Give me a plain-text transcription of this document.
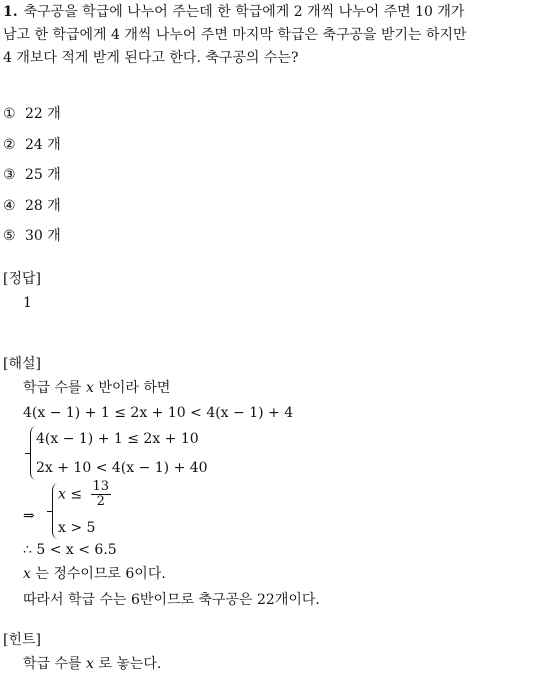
1. 축구공을 학급에 나누어 주는데 한 학급에게 2 개씩 나누어 주면 10 개가
남고 한 학급에게 4 개씩 나누어 주면 마지막 학급은 축구공을 받기는 하지만
4 개보다 적게 받게 된다고 한다. 축구공의 수는?
① 22 개
② 24 개
③ 25 개
④ 28 개
⑤ 30 개
[정답]
1
[해설]
학급 수를 x 반이라 하면
4(x − 1) + 1 ≤ 2x + 10 < 4(x − 1) + 4
4(x − 1) + 1 ≤ 2x + 10
2x + 10 < 4(x − 1) + 40
⇒
$x \le \frac{13}{2}$
x > 5
∴ 5 < x < 6.5
x 는 정수이므로 6이다.
따라서 학급 수는 6반이므로 축구공은 22개이다.
[힌트]
학급 수를 x 로 놓는다.
